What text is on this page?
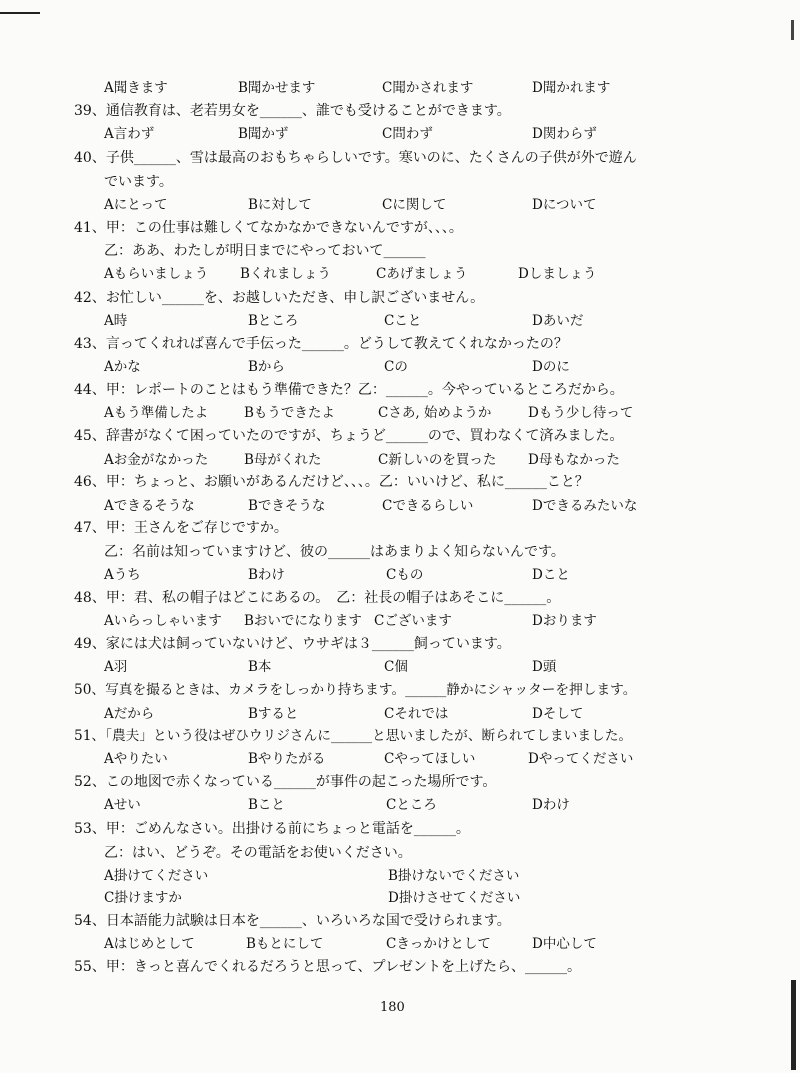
A聞きます	B聞かせます	C聞かされます	D聞かれます
39、通信教育は、老若男女を______、誰でも受けることができます。
A言わず	B聞かず	C問わず	D関わらず
40、子供______、雪は最高のおもちゃらしいです。寒いのに、たくさんの子供が外で遊ん
でいます。
Aにとって	Bに対して	Cに関して	Dについて
41、甲：この仕事は難しくてなかなかできないんですが、、、。
乙：ああ、わたしが明日までにやっておいて______
Aもらいましょう Bくれましょう	Cあげましょう	Dしましょう
42、お忙しい______を、お越しいただき、申し訳ございません。
A時	Bところ	Cこと	Dあいだ
43、言ってくれれば喜んで手伝った______。どうして教えてくれなかったの？
Aかな	Bから	Cの	Dのに
44、甲：レポートのことはもう準備できた？乙：______。今やっているところだから。
Aもう準備したよ	Bもうできたよ	Cさあ, 始めようか	Dもう少し待って
45、辞書がなくて困っていたのですが、ちょうど______ので、買わなくて済みました。
Aお金がなかった	B母がくれた	C新しいのを買った D母もなかった
46、甲：ちょっと、お願いがあるんだけど、、、。乙：いいけど、私に______こと？
Aできるそうな	Bできそうな	Cできるらしい	Dできるみたいな
47、甲：王さんをご存じですか。
乙：名前は知っていますけど、彼の______はあまりよく知らないんです。
Aうち	Bわけ	Cもの	Dこと
48、甲：君、私の帽子はどこにあるの。　乙：社長の帽子はあそこに______。
Aいらっしゃいます Bおいでになります Cございます	Dおります
49、家には犬は飼っていないけど、ウサギは３______飼っています。
A羽	B本	C個	D頭
50、写真を撮るときは、カメラをしっかり持ちます。______静かにシャッターを押します。
Aだから	Bすると	Cそれでは	Dそして
51、「農夫」という役はぜひウリジさんに______と思いましたが、断られてしまいました。
Aやりたい	Bやりたがる	Cやってほしい	Dやってください
52、この地図で赤くなっている______が事件の起こった場所です。
Aせい	Bこと	Cところ	Dわけ
53、甲：ごめんなさい。出掛ける前にちょっと電話を______。
乙：はい、どうぞ。その電話をお使いください。
A掛けてください	B掛けないでください
C掛けますか	D掛けさせてください
54、日本語能力試験は日本を______、いろいろな国で受けられます。
Aはじめとして	Bもとにして	Cきっかけとして	D中心して
55、甲：きっと喜んでくれるだろうと思って、プレゼントを上げたら、______。
180
